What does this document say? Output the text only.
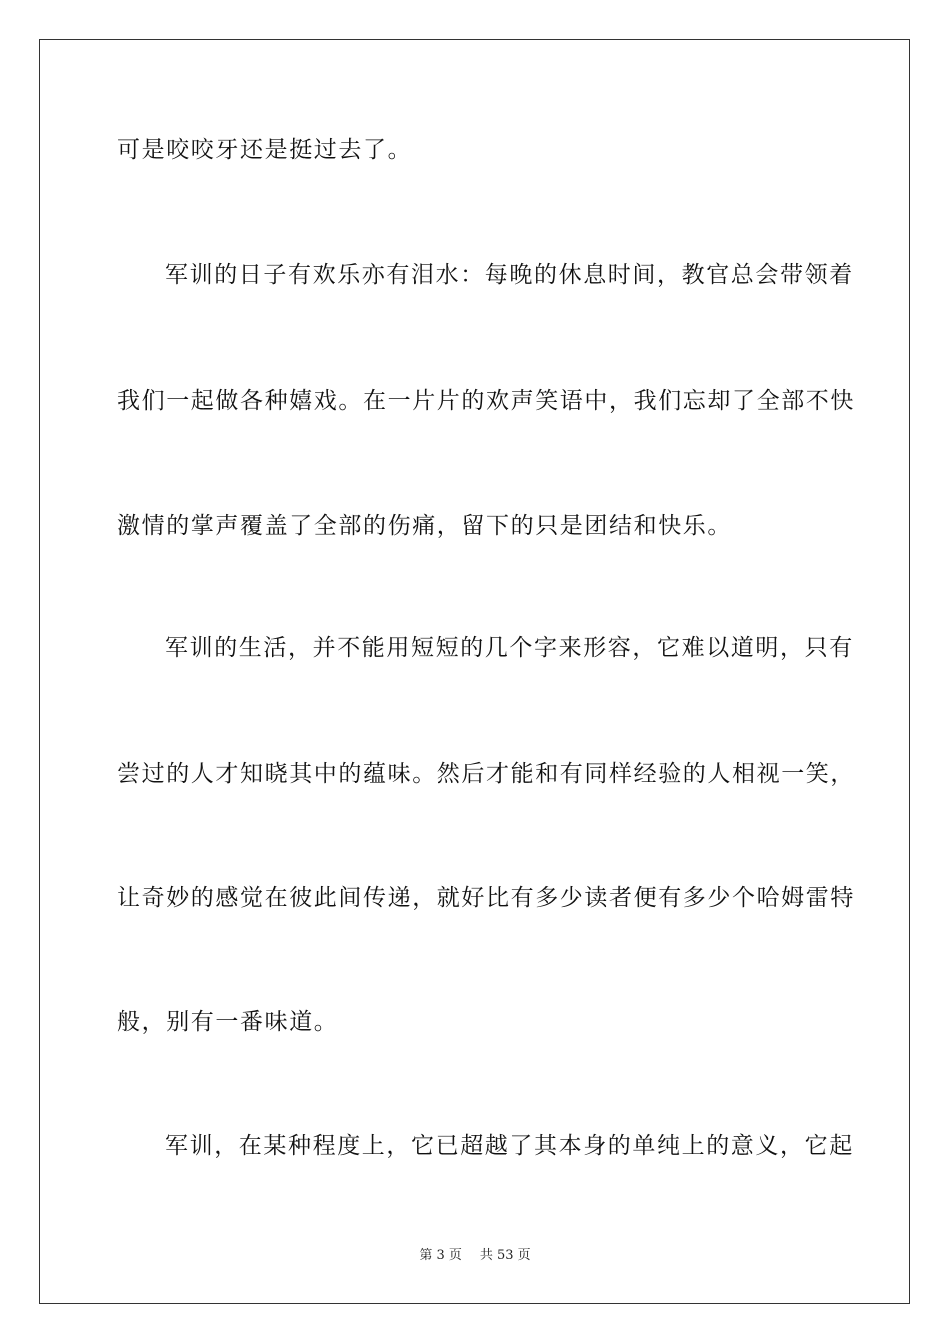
可是咬咬牙还是挺过去了。
军训的日子有欢乐亦有泪水：每晚的休息时间，教官总会带领着
我们一起做各种嬉戏。在一片片的欢声笑语中，我们忘却了全部不快
激情的掌声覆盖了全部的伤痛，留下的只是团结和快乐。
军训的生活，并不能用短短的几个字来形容，它难以道明，只有
尝过的人才知晓其中的蕴味。然后才能和有同样经验的人相视一笑，
让奇妙的感觉在彼此间传递，就好比有多少读者便有多少个哈姆雷特
般，别有一番味道。
军训，在某种程度上，它已超越了其本身的单纯上的意义，它起
第 3 页 共 53 页
